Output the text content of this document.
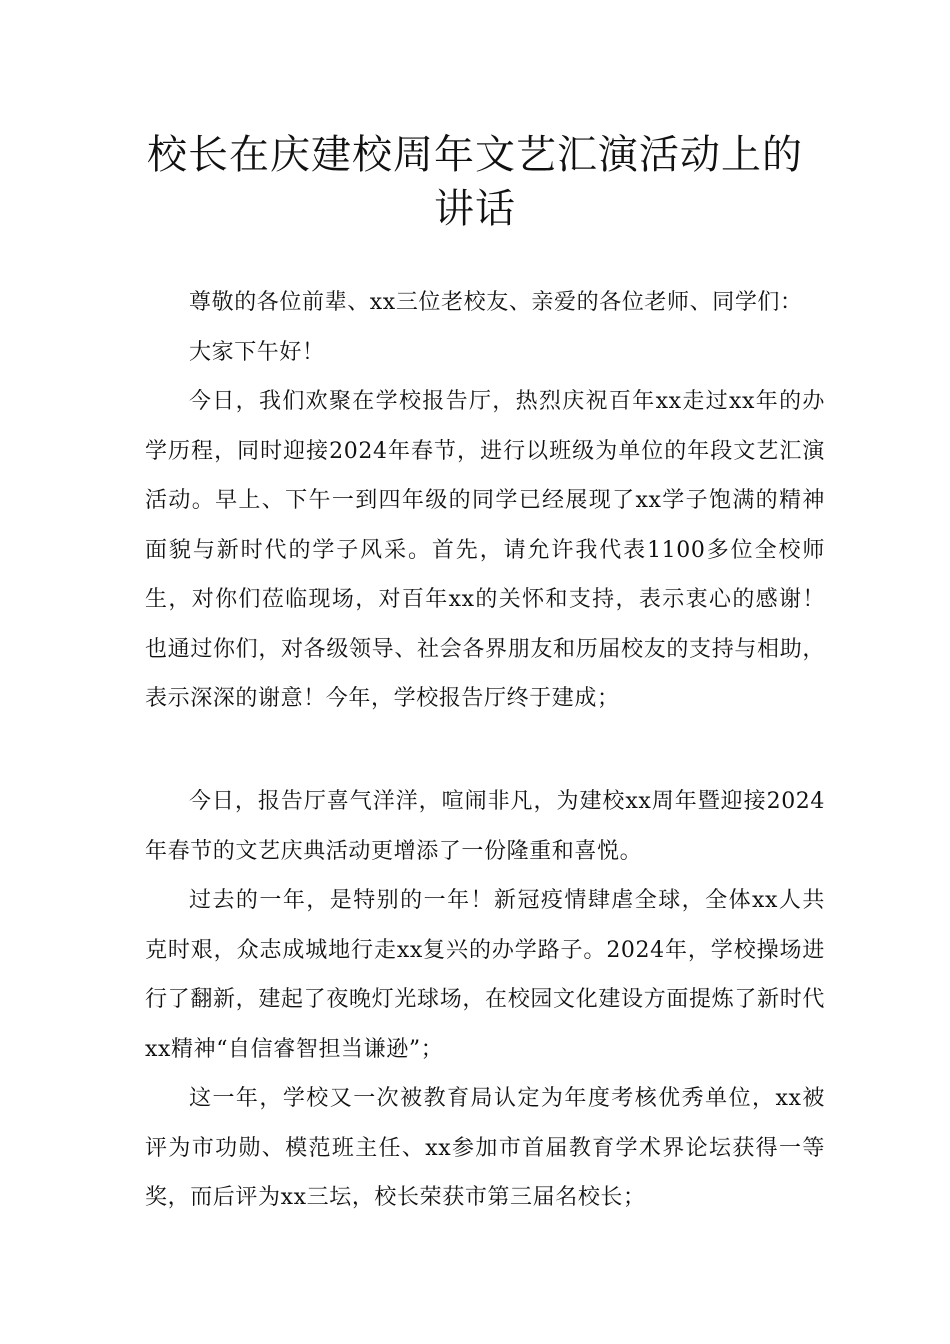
校长在庆建校周年文艺汇演活动上的讲话

尊敬的各位前辈、xx三位老校友、亲爱的各位老师、同学们：

大家下午好！

今日，我们欢聚在学校报告厅，热烈庆祝百年xx走过xx年的办学历程，同时迎接2024年春节，进行以班级为单位的年段文艺汇演活动。早上、下午一到四年级的同学已经展现了xx学子饱满的精神面貌与新时代的学子风采。首先，请允许我代表1100多位全校师生，对你们莅临现场，对百年xx的关怀和支持，表示衷心的感谢！也通过你们，对各级领导、社会各界朋友和历届校友的支持与相助，表示深深的谢意！今年，学校报告厅终于建成；

今日，报告厅喜气洋洋，喧闹非凡，为建校xx周年暨迎接2024年春节的文艺庆典活动更增添了一份隆重和喜悦。

过去的一年，是特别的一年！新冠疫情肆虐全球，全体xx人共克时艰，众志成城地行走xx复兴的办学路子。2024年，学校操场进行了翻新，建起了夜晚灯光球场，在校园文化建设方面提炼了新时代xx精神“自信睿智担当谦逊”；

这一年，学校又一次被教育局认定为年度考核优秀单位，xx被评为市功勋、模范班主任、xx参加市首届教育学术界论坛获得一等奖，而后评为xx三坛，校长荣获市第三届名校长；
